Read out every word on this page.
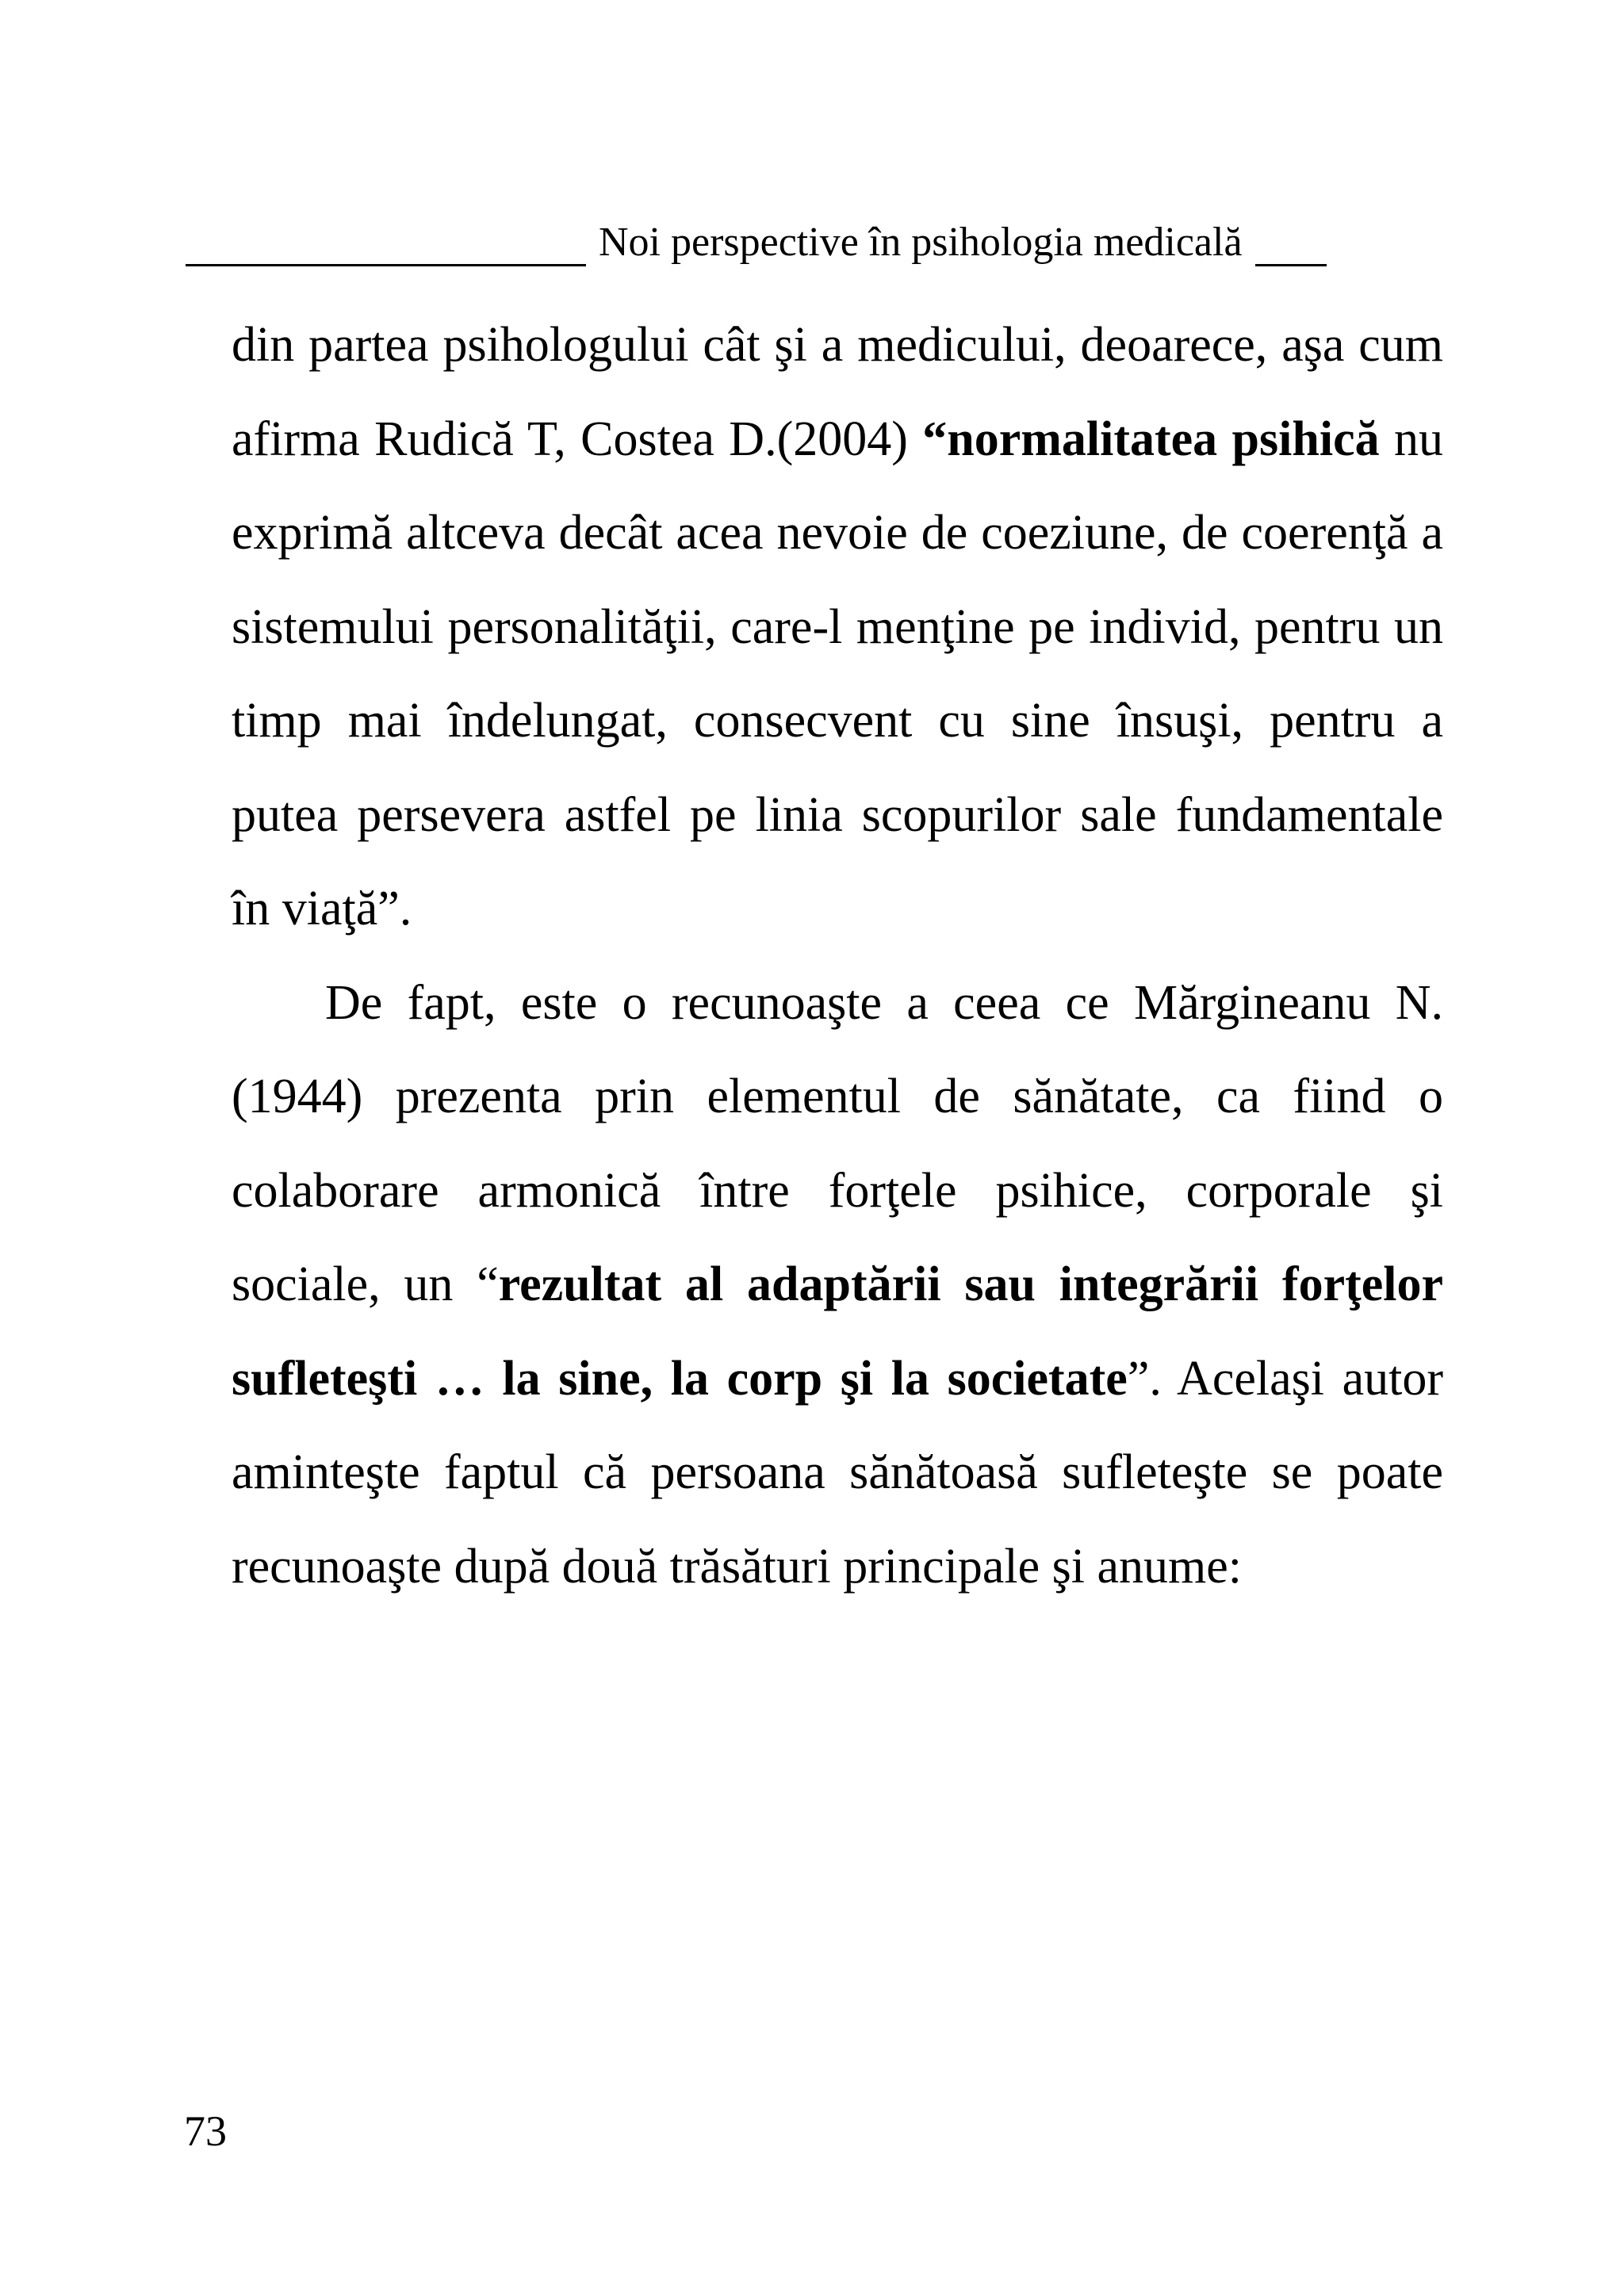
Noi perspective în psihologia medicală

din partea psihologului cât şi a medicului, deoarece, aşa cum afirma Rudică T, Costea D.(2004) “normalitatea psihică nu exprimă altceva decât acea nevoie de coeziune, de coerenţă a sistemului personalităţii, care-l menţine pe individ, pentru un timp mai îndelungat, consecvent cu sine însuşi, pentru a putea persevera astfel pe linia scopurilor sale fundamentale în viaţă”.

De fapt, este o recunoaşte a ceea ce Mărgineanu N.(1944) prezenta prin elementul de sănătate, ca fiind o colaborare armonică între forţele psihice, corporale şi sociale, un “rezultat al adaptării sau integrării forţelor sufleteşti … la sine, la corp şi la societate”. Acelaşi autor aminteşte faptul că persoana sănătoasă sufleteşte se poate recunoaşte după două trăsături principale şi anume:

73
